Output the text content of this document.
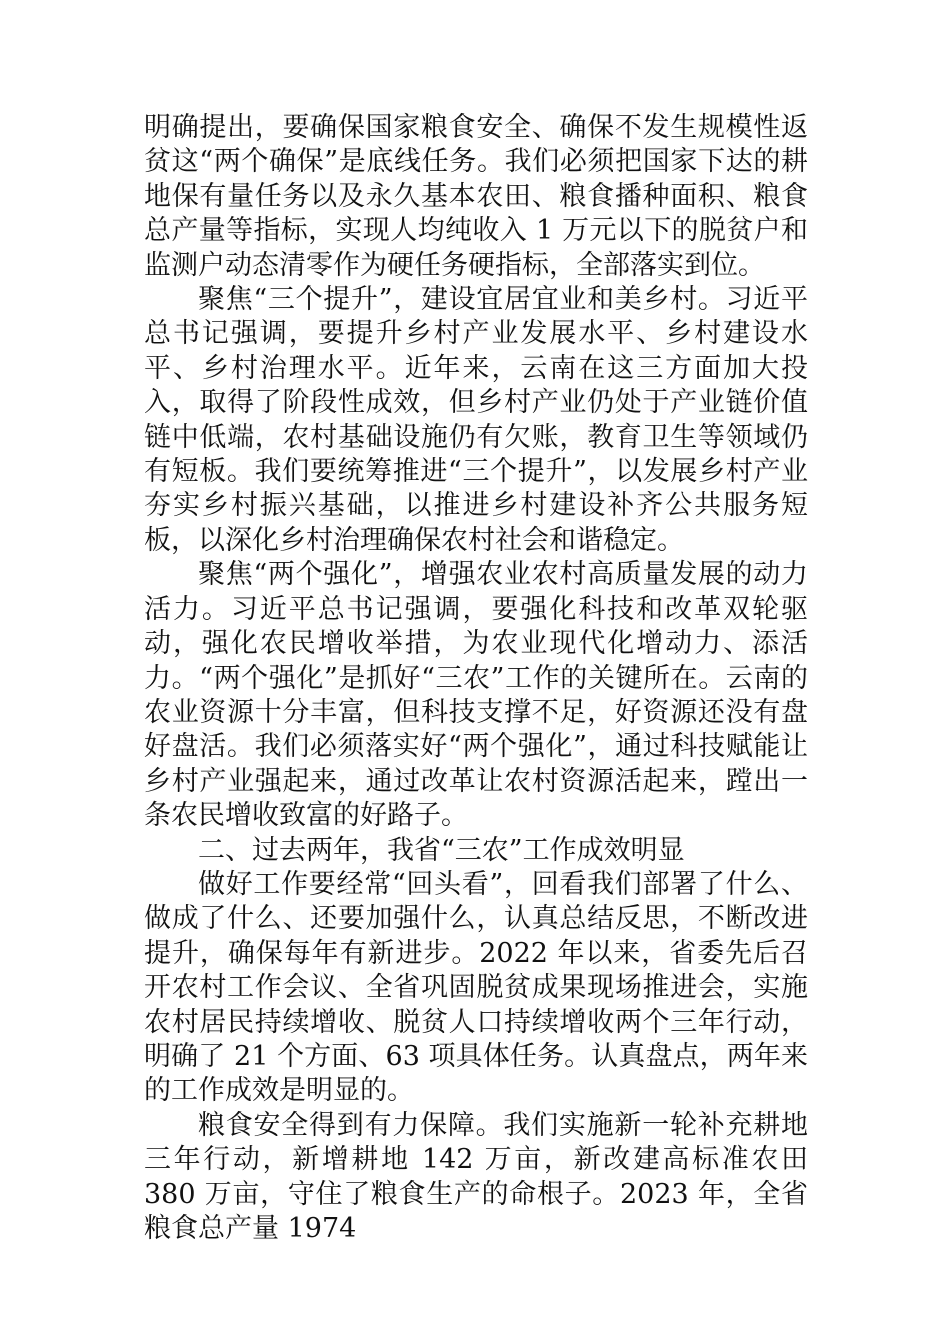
明确提出，要确保国家粮食安全、确保不发生规模性返贫这“两个确保”是底线任务。我们必须把国家下达的耕地保有量任务以及永久基本农田、粮食播种面积、粮食总产量等指标，实现人均纯收入 1 万元以下的脱贫户和监测户动态清零作为硬任务硬指标，全部落实到位。

聚焦“三个提升”，建设宜居宜业和美乡村。习近平总书记强调，要提升乡村产业发展水平、乡村建设水平、乡村治理水平。近年来，云南在这三方面加大投入，取得了阶段性成效，但乡村产业仍处于产业链价值链中低端，农村基础设施仍有欠账，教育卫生等领域仍有短板。我们要统筹推进“三个提升”，以发展乡村产业夯实乡村振兴基础，以推进乡村建设补齐公共服务短板，以深化乡村治理确保农村社会和谐稳定。

聚焦“两个强化”，增强农业农村高质量发展的动力活力。习近平总书记强调，要强化科技和改革双轮驱动，强化农民增收举措，为农业现代化增动力、添活力。“两个强化”是抓好“三农”工作的关键所在。云南的农业资源十分丰富，但科技支撑不足，好资源还没有盘好盘活。我们必须落实好“两个强化”，通过科技赋能让乡村产业强起来，通过改革让农村资源活起来，蹚出一条农民增收致富的好路子。

二、过去两年，我省“三农”工作成效明显

做好工作要经常“回头看”，回看我们部署了什么、做成了什么、还要加强什么，认真总结反思，不断改进提升，确保每年有新进步。2022 年以来，省委先后召开农村工作会议、全省巩固脱贫成果现场推进会，实施农村居民持续增收、脱贫人口持续增收两个三年行动，明确了 21 个方面、63 项具体任务。认真盘点，两年来的工作成效是明显的。

粮食安全得到有力保障。我们实施新一轮补充耕地三年行动，新增耕地 142 万亩，新改建高标准农田 380 万亩，守住了粮食生产的命根子。2023 年，全省粮食总产量 1974
